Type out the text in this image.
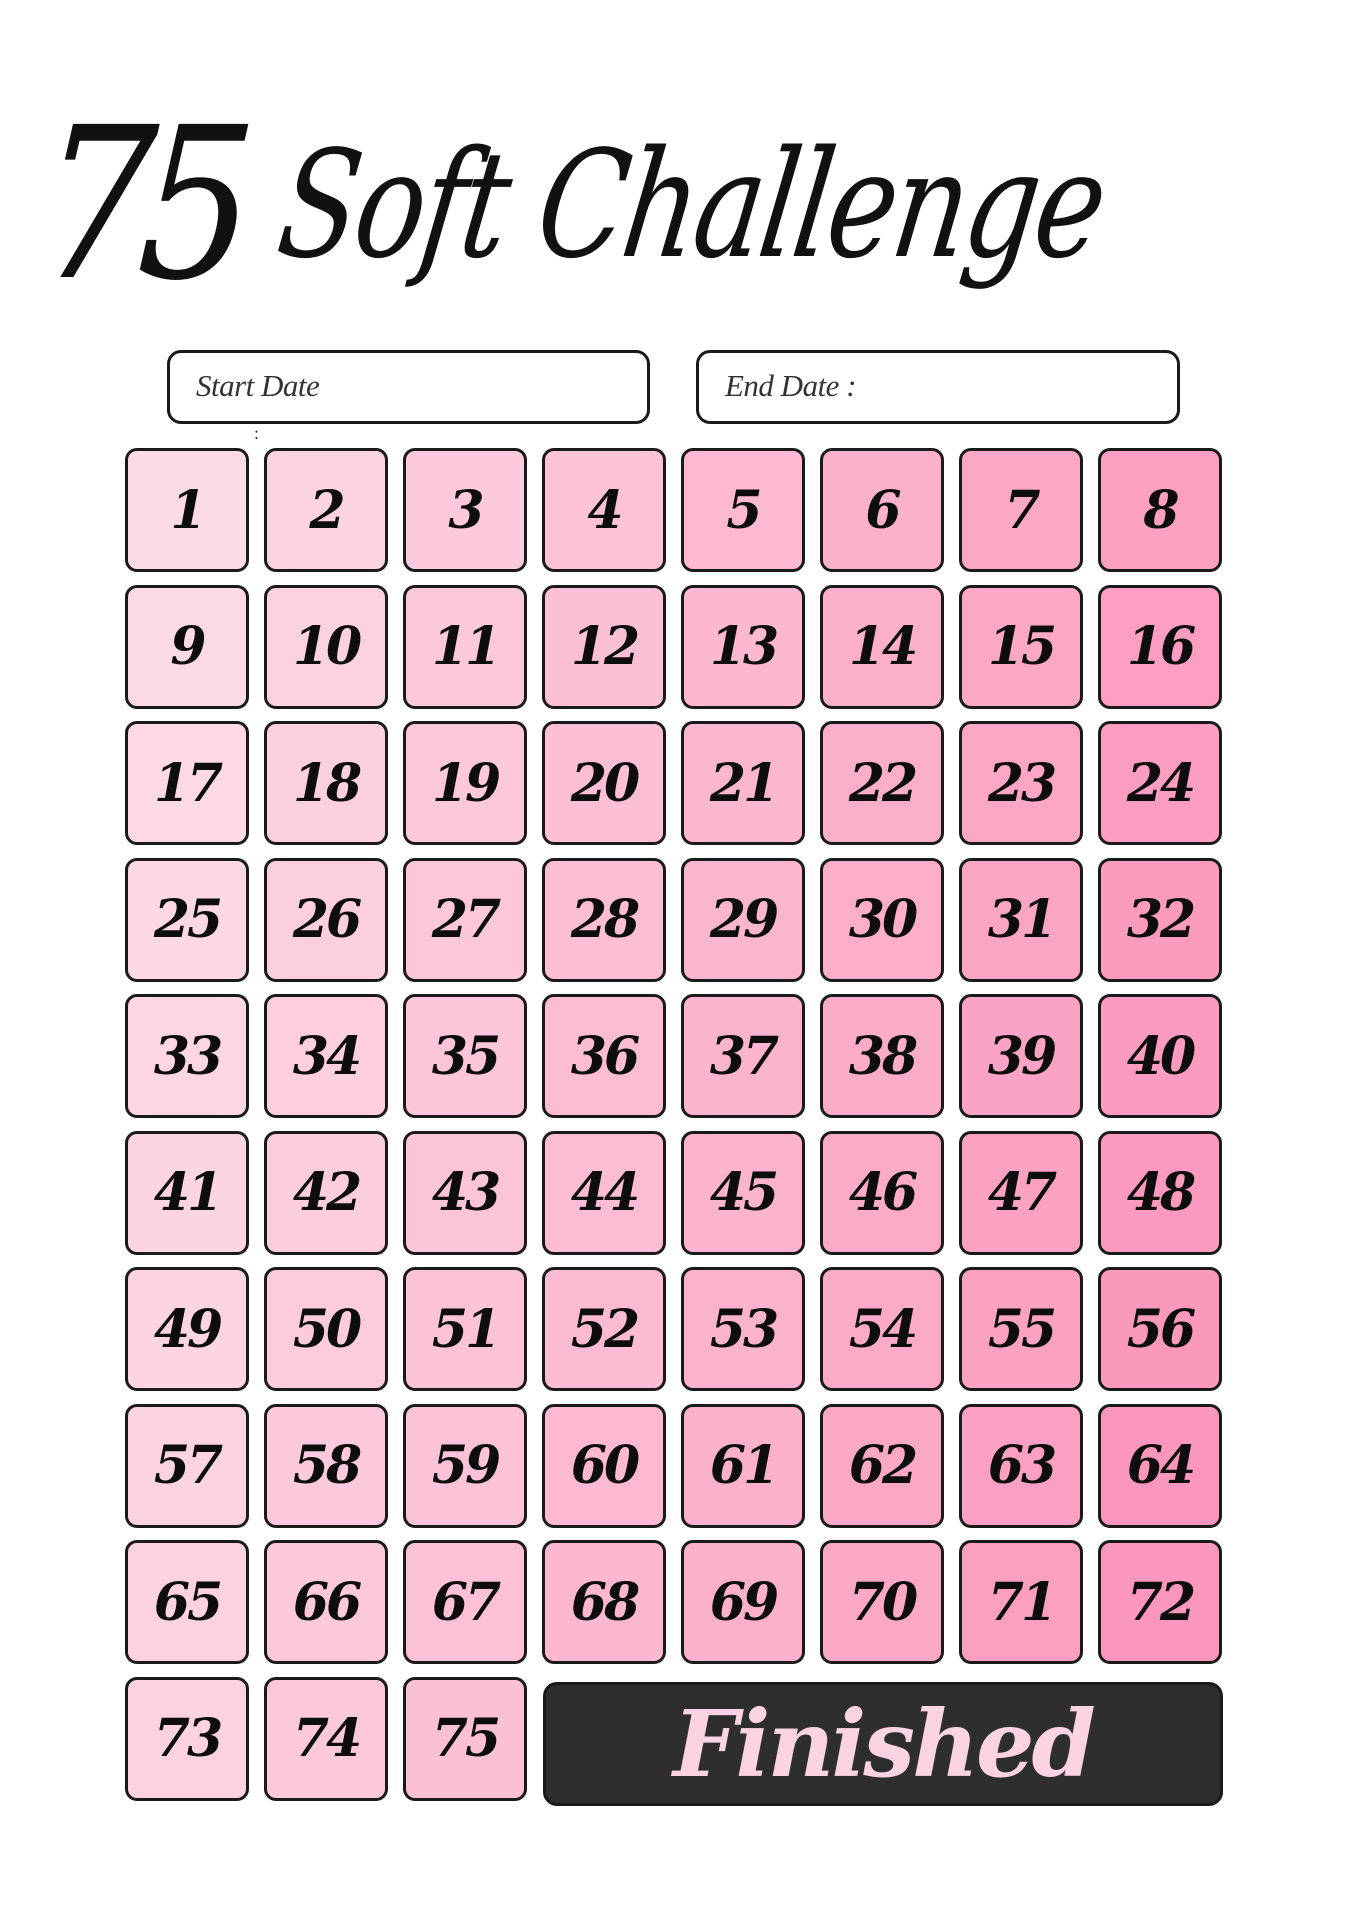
75 Soft Challenge
Start Date
:
End Date :
Finished
1	2	3	4	5	6	7	8
9	10	11	12	13	14	15	16
17	18	19	20	21	22	23	24
25	26	27	28	29	30	31	32
33	34	35	36	37	38	39	40
41	42	43	44	45	46	47	48
49	50	51	52	53	54	55	56
57	58	59	60	61	62	63	64
65	66	67	68	69	70	71	72
73	74	75
